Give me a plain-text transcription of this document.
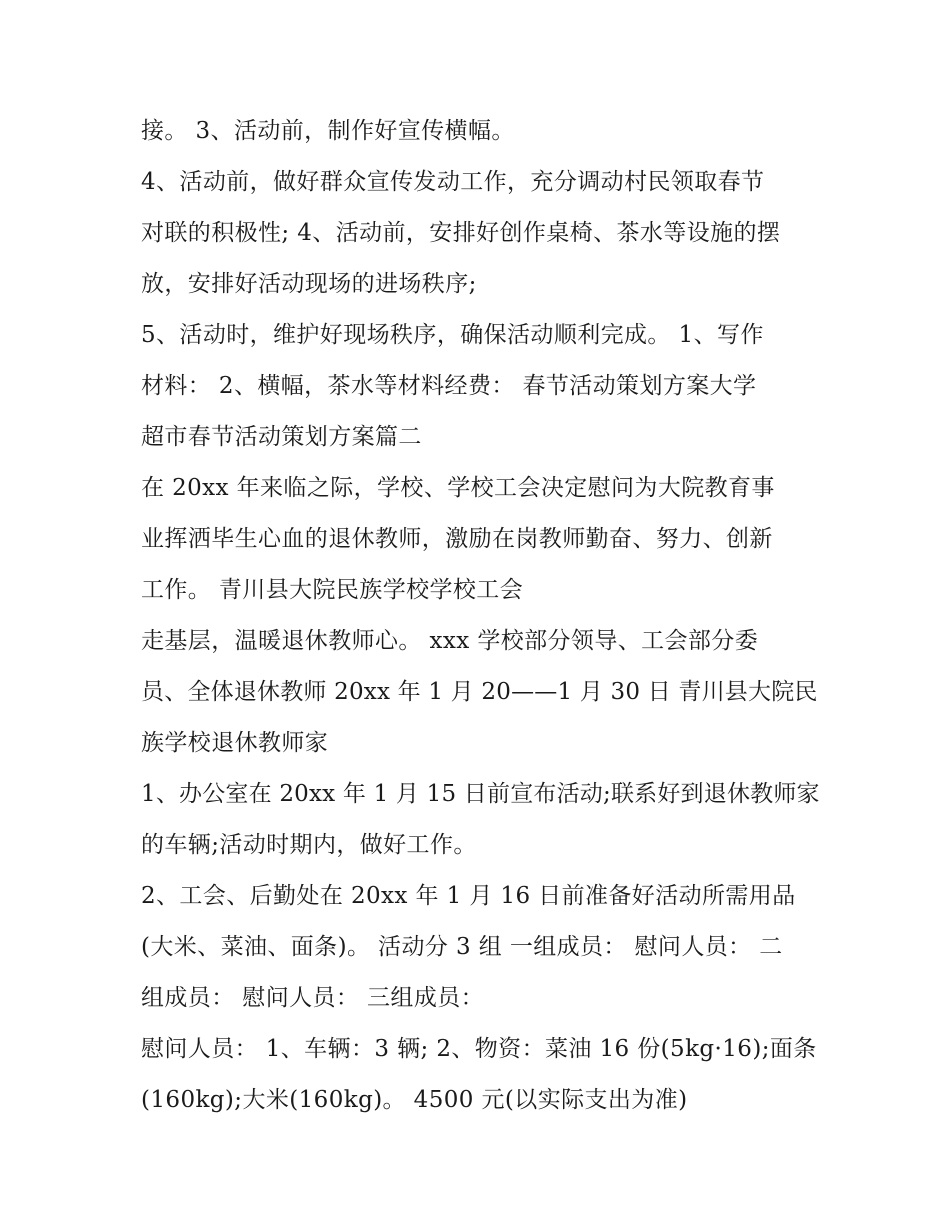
接。 3、活动前，制作好宣传横幅。
4、活动前，做好群众宣传发动工作，充分调动村民领取春节
对联的积极性; 4、活动前，安排好创作桌椅、茶水等设施的摆
放，安排好活动现场的进场秩序;
5、活动时，维护好现场秩序，确保活动顺利完成。 1、写作
材料： 2、横幅，茶水等材料经费： 春节活动策划方案大学
超市春节活动策划方案篇二
在 20xx 年来临之际，学校、学校工会决定慰问为大院教育事
业挥洒毕生心血的退休教师，激励在岗教师勤奋、努力、创新
工作。 青川县大院民族学校学校工会
走基层，温暖退休教师心。 xxx 学校部分领导、工会部分委
员、全体退休教师 20xx 年 1 月 20——1 月 30 日 青川县大院民
族学校退休教师家
1、办公室在 20xx 年 1 月 15 日前宣布活动;联系好到退休教师家
的车辆;活动时期内，做好工作。
2、工会、后勤处在 20xx 年 1 月 16 日前准备好活动所需用品
(大米、菜油、面条)。 活动分 3 组 一组成员： 慰问人员： 二
组成员： 慰问人员： 三组成员：
慰问人员： 1、车辆：3 辆; 2、物资：菜油 16 份(5kg·16);面条
(160kg);大米(160kg)。 4500 元(以实际支出为准)
